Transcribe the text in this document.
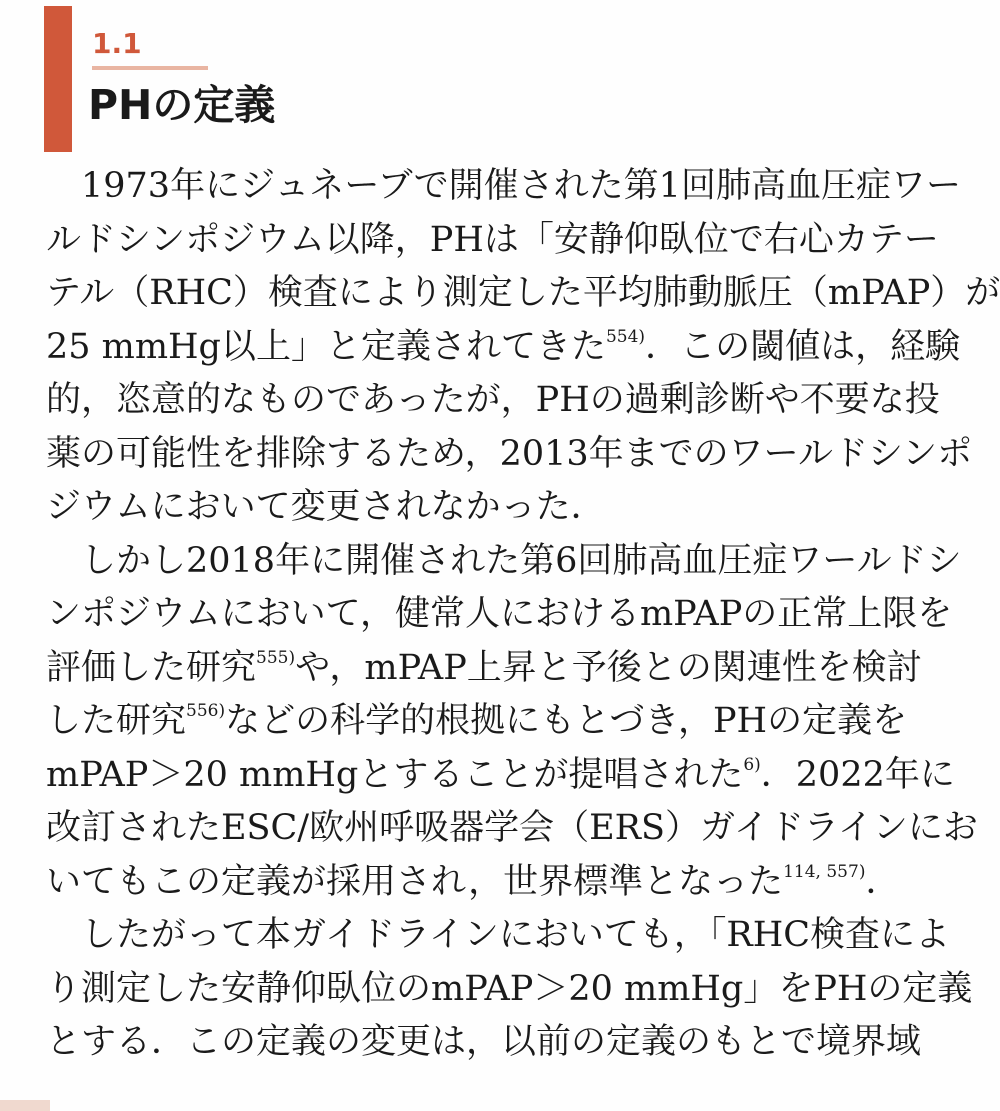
1.1
PHの定義
1973年にジュネーブで開催された第1回肺高血圧症ワー
ルドシンポジウム以降，PHは「安静仰臥位で右心カテー
テル（RHC）検査により測定した平均肺動脈圧（mPAP）が
25 mmHg以上」と定義されてきた$^{554)}$．この閾値は，経験
的，恣意的なものであったが，PHの過剰診断や不要な投
薬の可能性を排除するため，2013年までのワールドシンポ
ジウムにおいて変更されなかった．
しかし2018年に開催された第6回肺高血圧症ワールドシ
ンポジウムにおいて，健常人におけるmPAPの正常上限を
評価した研究$^{555)}$や，mPAP上昇と予後との関連性を検討
した研究$^{556)}$などの科学的根拠にもとづき，PHの定義を
mPAP＞20 mmHgとすることが提唱された$^{6)}$．2022年に
改訂されたESC/欧州呼吸器学会（ERS）ガイドラインにお
いてもこの定義が採用され，世界標準となった$^{114, 557)}$．
したがって本ガイドラインにおいても，「RHC検査によ
り測定した安静仰臥位のmPAP＞20 mmHg」をPHの定義
とする．この定義の変更は，以前の定義のもとで境界域
